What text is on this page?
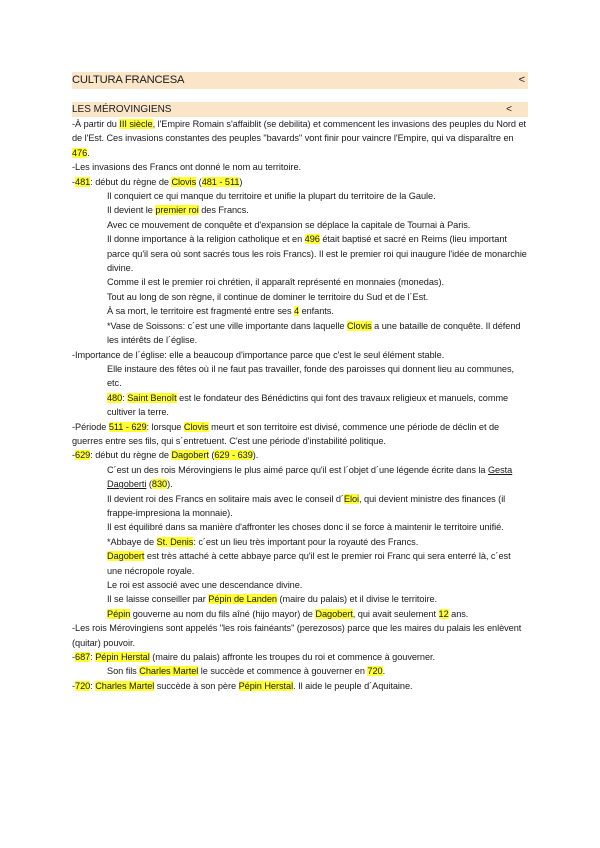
CULTURA FRANCESA	<
LES MÉROVINGIENS	<

-À partir du III siècle, l'Empire Romain s'affaiblit (se debilita) et commencent les invasions des peuples du Nord et de l'Est. Ces invasions constantes des peuples "bavards" vont finir pour vaincre l'Empire, qui va disparaître en 476.

-Les invasions des Francs ont donné le nom au territoire.

-481: début du règne de Clovis (481 - 511)

Il conquiert ce qui manque du territoire et unifie la plupart du territoire de la Gaule.

Il devient le premier roi des Francs.

Avec ce mouvement de conquête et d'expansion se déplace la capitale de Tournai à Paris.

Il donne importance à la religion catholique et en 496 était baptisé et sacré en Reims (lieu important parce qu'il sera où sont sacrés tous les rois Francs). Il est le premier roi qui inaugure l'idée de monarchie divine.

Comme il est le premier roi chrétien, il apparaît représenté en monnaies (monedas).

Tout au long de son règne, il continue de dominer le territoire du Sud et de l´Est.

À sa mort, le territoire est fragmenté entre ses 4 enfants.

*Vase de Soissons: c´est une ville importante dans laquelle Clovis a une bataille de conquête. Il défend les intérêts de l´église.

-Importance de l´église: elle a beaucoup d'importance parce que c'est le seul élément stable.

Elle instaure des fêtes où il ne faut pas travailler, fonde des paroisses qui donnent lieu au communes, etc.

480: Saint Benoît est le fondateur des Bénédictins qui font des travaux religieux et manuels, comme cultiver la terre.

-Période 511 - 629: lorsque Clovis meurt et son territoire est divisé, commence une période de déclin et de guerres entre ses fils, qui s´entretuent. C'est une période d'instabilité politique.

-629: début du règne de Dagobert (629 - 639).

C´est un des rois Mérovingiens le plus aimé parce qu'il est l´objet d´une légende écrite dans la Gesta Dagoberti (830).

Il devient roi des Francs en solitaire mais avec le conseil d´Eloi, qui devient ministre des finances (il frappe-impresiona la monnaie).

Il est équilibré dans sa manière d'affronter les choses donc il se force à maintenir le territoire unifié.

*Abbaye de St. Denis: c´est un lieu très important pour la royauté des Francs.

Dagobert est très attaché à cette abbaye parce qu'il est le premier roi Franc qui sera enterré là, c´est une nécropole royale.

Le roi est associé avec une descendance divine.

Il se laisse conseiller par Pépin de Landen (maire du palais) et il divise le territoire.

Pépin gouverne au nom du fils aîné (hijo mayor) de Dagobert, qui avait seulement 12 ans.

-Les rois Mérovingiens sont appelés "les rois fainéants" (perezosos) parce que les maires du palais les enlèvent (quitar) pouvoir.

-687: Pépin Herstal (maire du palais) affronte les troupes du roi et commence à gouverner.

Son fils Charles Martel le succède et commence à gouverner en 720.

-720: Charles Martel succède à son père Pépin Herstal. Il aide le peuple d´Aquitaine.
